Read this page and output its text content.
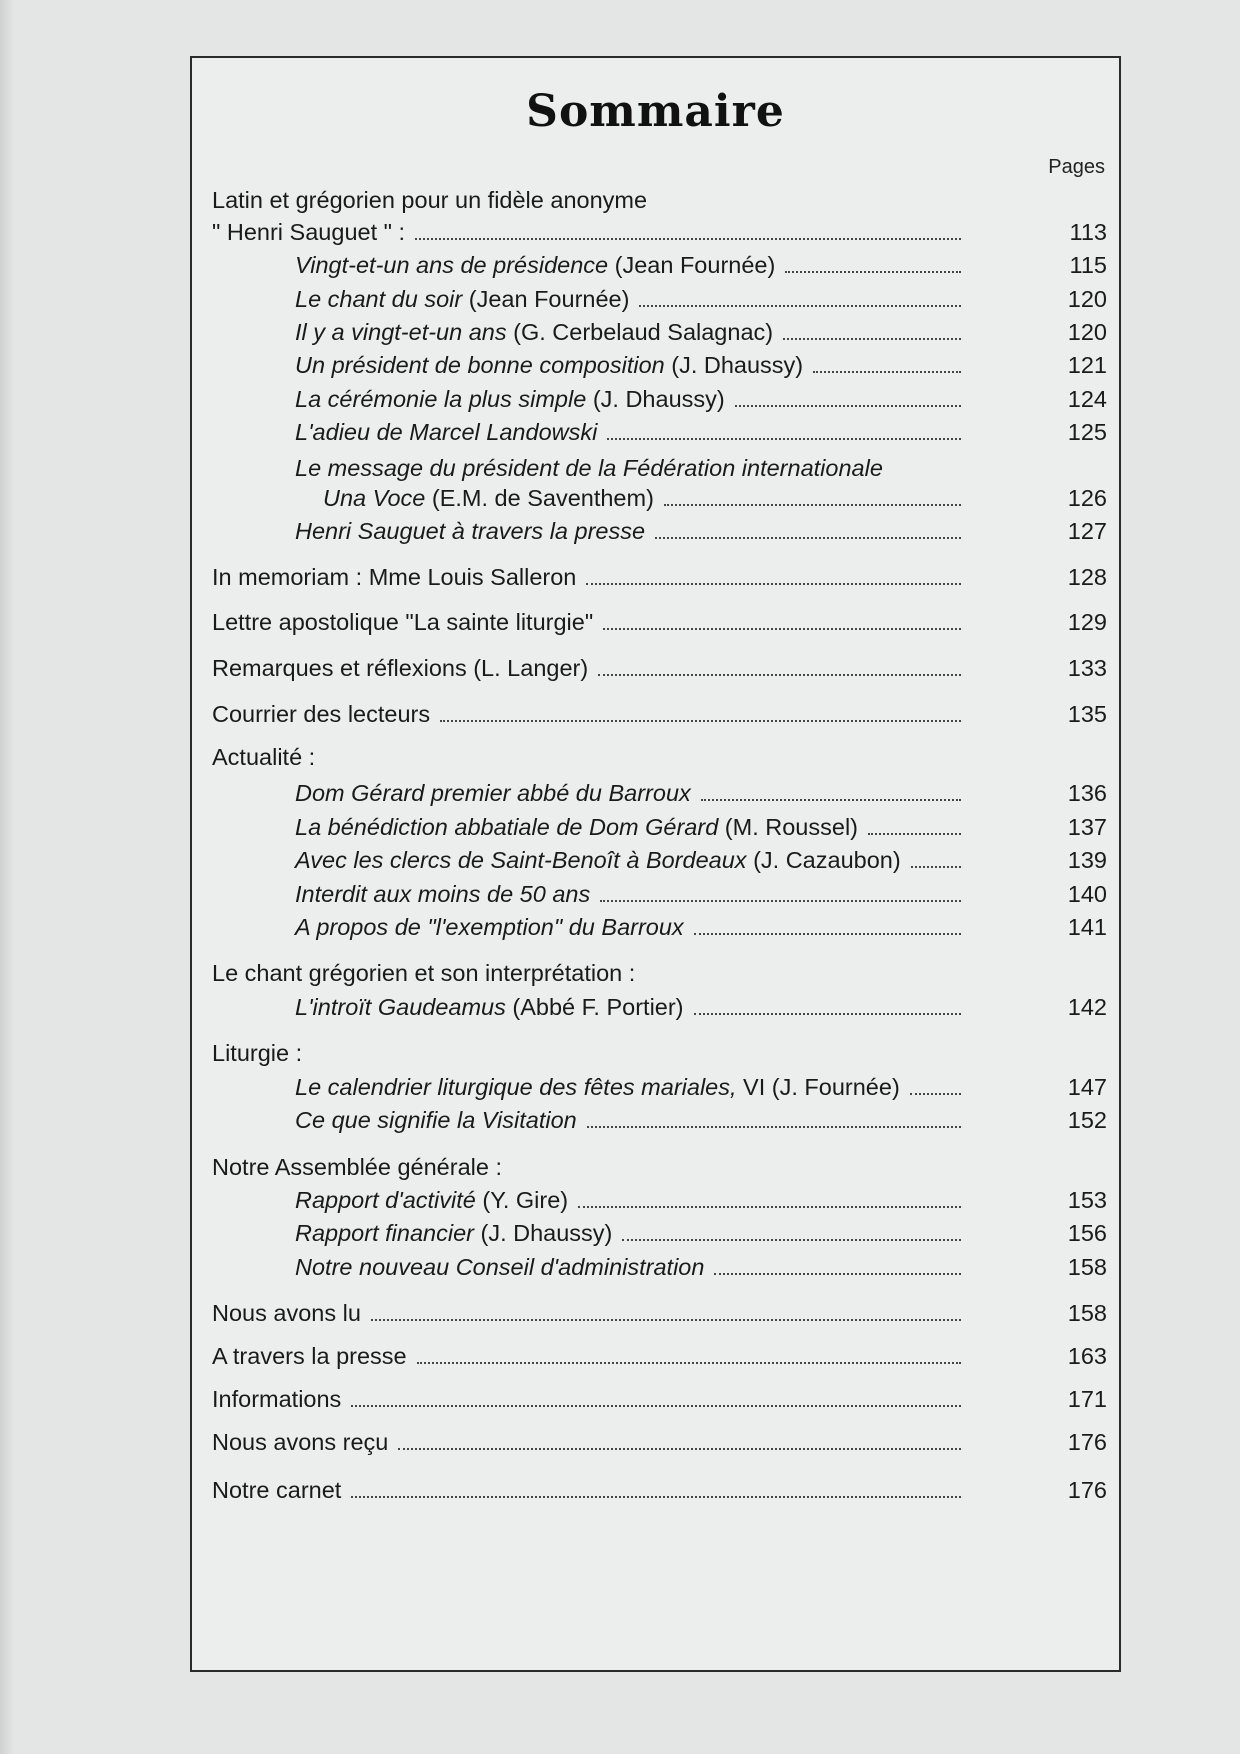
Sommaire
Pages
Latin et grégorien pour un fidèle anonyme
" Henri Sauguet " :	113
Vingt-et-un ans de présidence (Jean Fournée)	115
Le chant du soir (Jean Fournée)	120
Il y a vingt-et-un ans (G. Cerbelaud Salagnac)	120
Un président de bonne composition (J. Dhaussy)	121
La cérémonie la plus simple (J. Dhaussy)	124
L'adieu de Marcel Landowski	125
Le message du président de la Fédération internationale
Una Voce (E.M. de Saventhem)	126
Henri Sauguet à travers la presse	127
In memoriam : Mme Louis Salleron	128
Lettre apostolique "La sainte liturgie"	129
Remarques et réflexions (L. Langer)	133
Courrier des lecteurs	135
Actualité :
Dom Gérard premier abbé du Barroux	136
La bénédiction abbatiale de Dom Gérard (M. Roussel)	137
Avec les clercs de Saint-Benoît à Bordeaux (J. Cazaubon)	139
Interdit aux moins de 50 ans	140
A propos de "l'exemption" du Barroux	141
Le chant grégorien et son interprétation :
L'introït Gaudeamus (Abbé F. Portier)	142
Liturgie :
Le calendrier liturgique des fêtes mariales, VI (J. Fournée)	147
Ce que signifie la Visitation	152
Notre Assemblée générale :
Rapport d'activité (Y. Gire)	153
Rapport financier (J. Dhaussy)	156
Notre nouveau Conseil d'administration	158
Nous avons lu	158
A travers la presse	163
Informations	171
Nous avons reçu	176
Notre carnet	176
